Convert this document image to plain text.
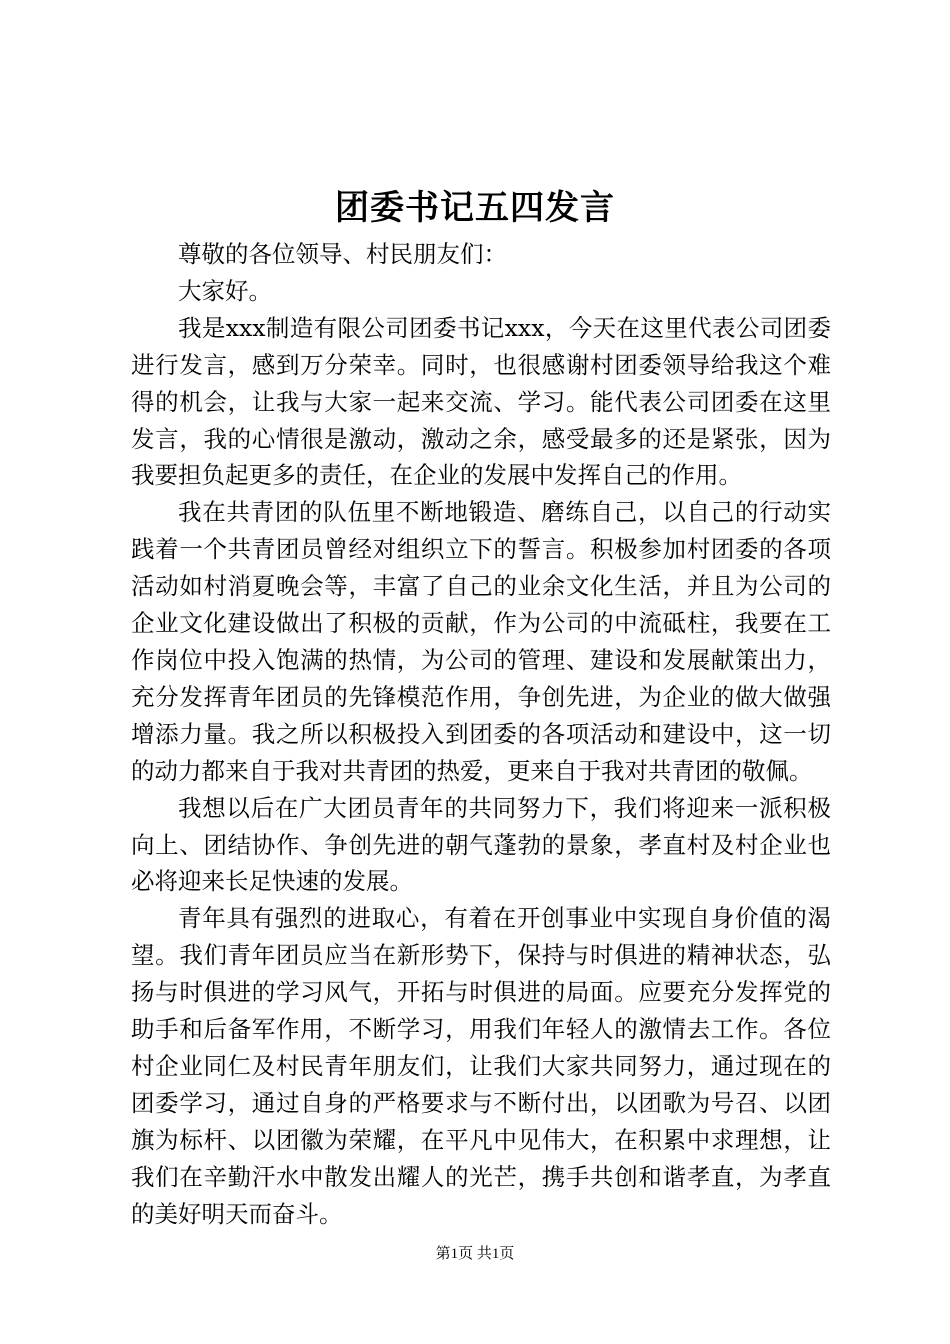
团委书记五四发言

尊敬的各位领导、村民朋友们：

大家好。

我是xxx制造有限公司团委书记xxx，今天在这里代表公司团委进行发言，感到万分荣幸。同时，也很感谢村团委领导给我这个难得的机会，让我与大家一起来交流、学习。能代表公司团委在这里发言，我的心情很是激动，激动之余，感受最多的还是紧张，因为我要担负起更多的责任，在企业的发展中发挥自己的作用。

我在共青团的队伍里不断地锻造、磨练自己，以自己的行动实践着一个共青团员曾经对组织立下的誓言。积极参加村团委的各项活动如村消夏晚会等，丰富了自己的业余文化生活，并且为公司的企业文化建设做出了积极的贡献，作为公司的中流砥柱，我要在工作岗位中投入饱满的热情，为公司的管理、建设和发展献策出力，充分发挥青年团员的先锋模范作用，争创先进，为企业的做大做强增添力量。我之所以积极投入到团委的各项活动和建设中，这一切的动力都来自于我对共青团的热爱，更来自于我对共青团的敬佩。

我想以后在广大团员青年的共同努力下，我们将迎来一派积极向上、团结协作、争创先进的朝气蓬勃的景象，孝直村及村企业也必将迎来长足快速的发展。

青年具有强烈的进取心，有着在开创事业中实现自身价值的渴望。我们青年团员应当在新形势下，保持与时俱进的精神状态，弘扬与时俱进的学习风气，开拓与时俱进的局面。应要充分发挥党的助手和后备军作用，不断学习，用我们年轻人的激情去工作。各位村企业同仁及村民青年朋友们，让我们大家共同努力，通过现在的团委学习，通过自身的严格要求与不断付出，以团歌为号召、以团旗为标杆、以团徽为荣耀，在平凡中见伟大，在积累中求理想，让我们在辛勤汗水中散发出耀人的光芒，携手共创和谐孝直，为孝直的美好明天而奋斗。

第1页 共1页
